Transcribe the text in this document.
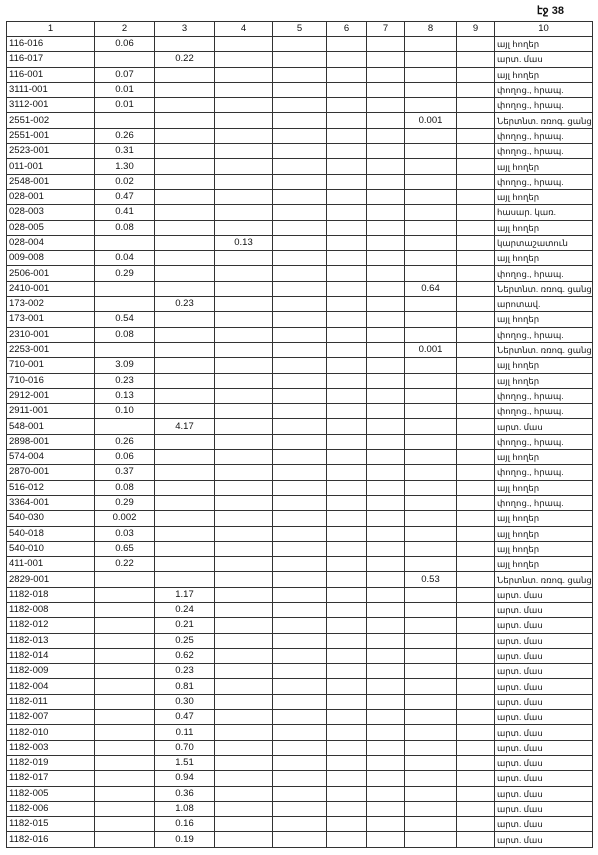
էջ 38
1	2	3	4	5	6	7	8	9	10
116-016	0.06								այլ հողեր
116-017		0.22							արտ. մաս
116-001	0.07								այլ հողեր
3111-001	0.01								փողոց., հրապ.
3112-001	0.01								փողոց., հրապ.
2551-002							0.001		Ներտնտ. ռռոգ. ցանց
2551-001	0.26								փողոց., հրապ.
2523-001	0.31								փողոց., հրապ.
011-001	1.30								այլ հողեր
2548-001	0.02								փողոց., հրապ.
028-001	0.47								այլ հողեր
028-003	0.41								հասար. կառ.
028-005	0.08								այլ հողեր
028-004			0.13						կարտաշատուն
009-008	0.04								այլ հողեր
2506-001	0.29								փողոց., հրապ.
2410-001							0.64		Ներտնտ. ռռոգ. ցանց
173-002		0.23							արոտավ.
173-001	0.54								այլ հողեր
2310-001	0.08								փողոց., հրապ.
2253-001							0.001		Ներտնտ. ռռոգ. ցանց
710-001	3.09								այլ հողեր
710-016	0.23								այլ հողեր
2912-001	0.13								փողոց., հրապ.
2911-001	0.10								փողոց., հրապ.
548-001		4.17							արտ. մաս
2898-001	0.26								փողոց., հրապ.
574-004	0.06								այլ հողեր
2870-001	0.37								փողոց., հրապ.
516-012	0.08								այլ հողեր
3364-001	0.29								փողոց., հրապ.
540-030	0.002								այլ հողեր
540-018	0.03								այլ հողեր
540-010	0.65								այլ հողեր
411-001	0.22								այլ հողեր
2829-001							0.53		Ներտնտ. ռռոգ. ցանց
1182-018		1.17							արտ. մաս
1182-008		0.24							արտ. մաս
1182-012		0.21							արտ. մաս
1182-013		0.25							արտ. մաս
1182-014		0.62							արտ. մաս
1182-009		0.23							արտ. մաս
1182-004		0.81							արտ. մաս
1182-011		0.30							արտ. մաս
1182-007		0.47							արտ. մաս
1182-010		0.11							արտ. մաս
1182-003		0.70							արտ. մաս
1182-019		1.51							արտ. մաս
1182-017		0.94							արտ. մաս
1182-005		0.36							արտ. մաս
1182-006		1.08							արտ. մաս
1182-015		0.16							արտ. մաս
1182-016		0.19							արտ. մաս
